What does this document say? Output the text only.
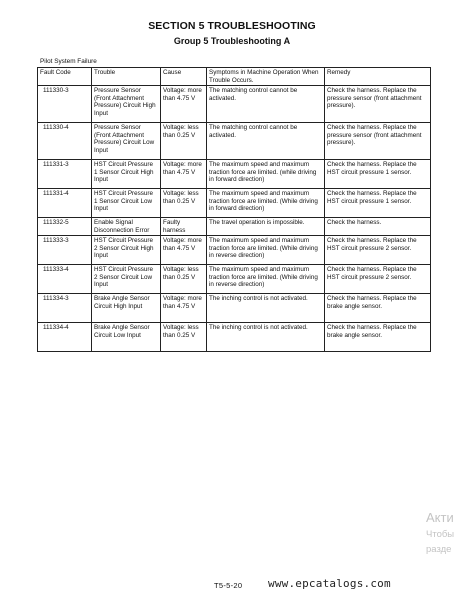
SECTION 5 TROUBLESHOOTING
Group 5 Troubleshooting A
Pilot System Failure
Fault Code	Trouble	Cause	Symptoms in Machine Operation When Trouble Occurs.	Remedy
111330-3	Pressure Sensor (Front Attachment Pressure) Circuit High Input	Voltage: more than 4.75 V	The matching control cannot be activated.	Check the harness. Replace the pressure sensor (front attachment pressure).
111330-4	Pressure Sensor (Front Attachment Pressure) Circuit Low Input	Voltage: less than 0.25 V	The matching control cannot be activated.	Check the harness. Replace the pressure sensor (front attachment pressure).
111331-3	HST Circuit Pressure 1 Sensor Circuit High Input	Voltage: more than 4.75 V	The maximum speed and maximum traction force are limited. (while driving in forward direction)	Check the harness. Replace the HST circuit pressure 1 sensor.
111331-4	HST Circuit Pressure 1 Sensor Circuit Low Input	Voltage: less than 0.25 V	The maximum speed and maximum traction force are limited. (While driving in forward direction)	Check the harness. Replace the HST circuit pressure 1 sensor.
111332-5	Enable Signal Disconnection Error	Faulty harness	The travel operation is impossible.	Check the harness.
111333-3	HST Circuit Pressure 2 Sensor Circuit High Input	Voltage: more than 4.75 V	The maximum speed and maximum traction force are limited. (While driving in reverse direction)	Check the harness. Replace the HST circuit pressure 2 sensor.
111333-4	HST Circuit Pressure 2 Sensor Circuit Low Input	Voltage: less than 0.25 V	The maximum speed and maximum traction force are limited. (While driving in reverse direction)	Check the harness. Replace the HST circuit pressure 2 sensor.
111334-3	Brake Angle Sensor Circuit High Input	Voltage: more than 4.75 V	The inching control is not activated.	Check the harness. Replace the brake angle sensor.
111334-4	Brake Angle Sensor Circuit Low Input	Voltage: less than 0.25 V	The inching control is not activated.	Check the harness. Replace the brake angle sensor.
Акти
Чтобы
разде
T5-5-20 www.epcatalogs.com
